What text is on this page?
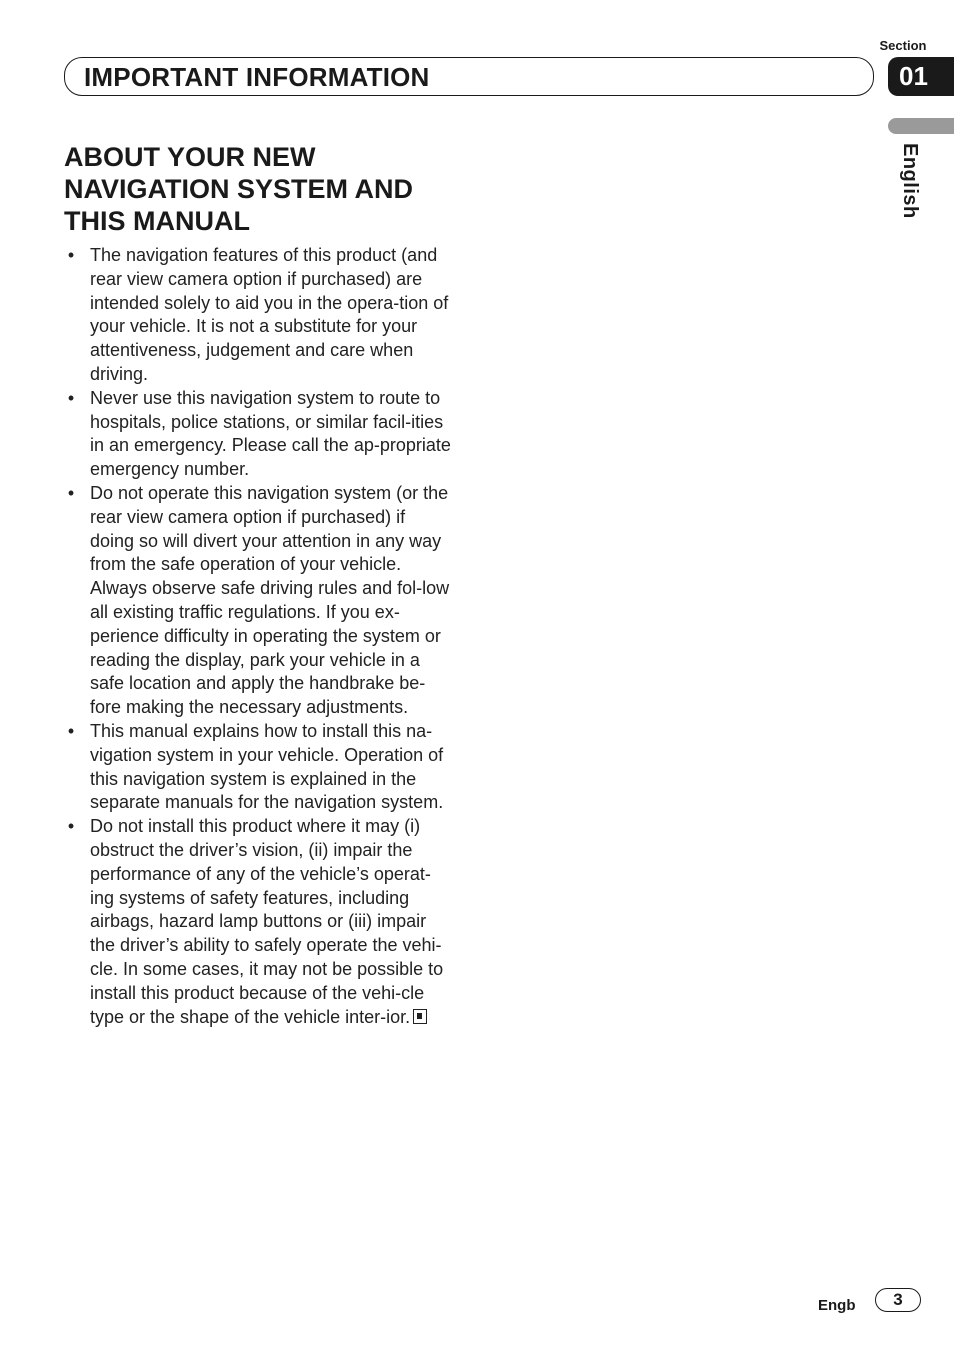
Section
01
IMPORTANT INFORMATION
English
ABOUT YOUR NEW NAVIGATION SYSTEM AND THIS MANUAL
• The navigation features of this product (and rear view camera option if purchased) are intended solely to aid you in the opera-tion of your vehicle. It is not a substitute for your attentiveness, judgement and care when driving.
• Never use this navigation system to route to hospitals, police stations, or similar facil-ities in an emergency. Please call the ap-propriate emergency number.
• Do not operate this navigation system (or the rear view camera option if purchased) if doing so will divert your attention in any way from the safe operation of your vehicle. Always observe safe driving rules and fol-low all existing traffic regulations. If you ex-perience difficulty in operating the system or reading the display, park your vehicle in a safe location and apply the handbrake be-fore making the necessary adjustments.
• This manual explains how to install this na-vigation system in your vehicle. Operation of this navigation system is explained in the separate manuals for the navigation system.
• Do not install this product where it may (i) obstruct the driver’s vision, (ii) impair the performance of any of the vehicle’s operat-ing systems of safety features, including airbags, hazard lamp buttons or (iii) impair the driver’s ability to safely operate the vehi-cle. In some cases, it may not be possible to install this product because of the vehi-cle type or the shape of the vehicle inter-ior.
Engb	3
